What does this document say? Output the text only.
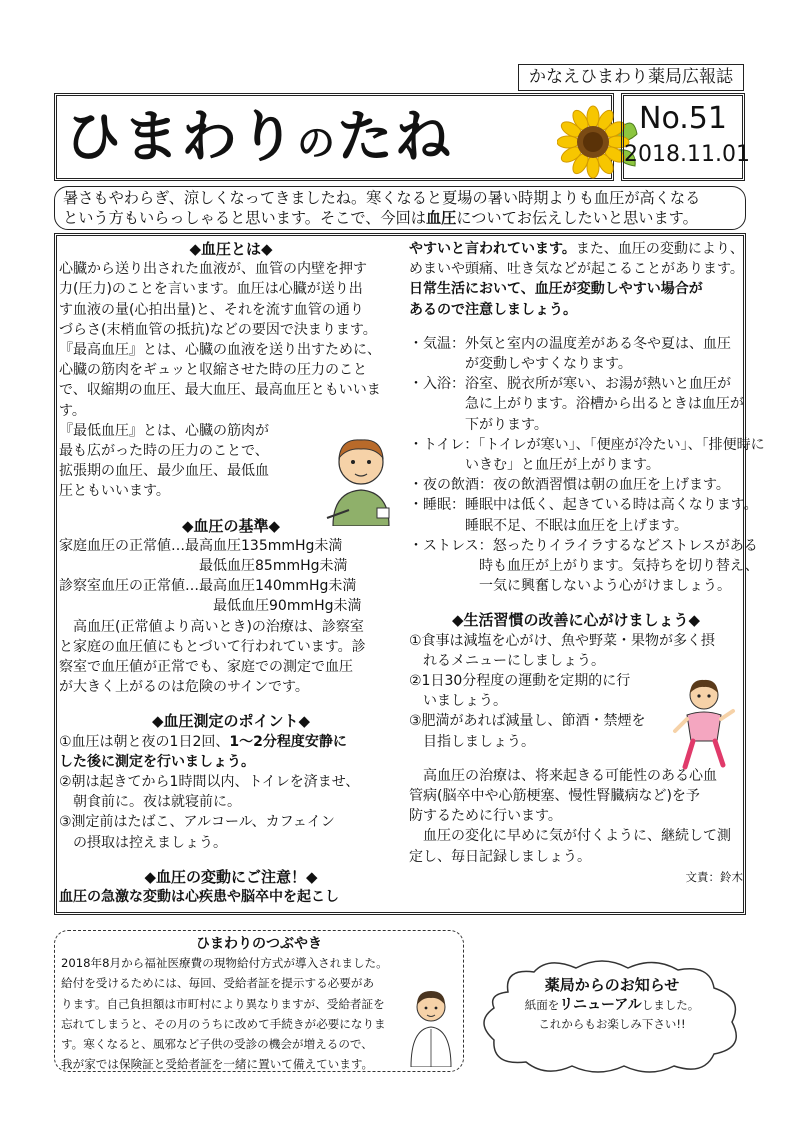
かなえひまわり薬局広報誌
ひまわりのたね	No.51
2018.11.01

暑さもやわらぎ、涼しくなってきましたね。寒くなると夏場の暑い時期よりも血圧が高くなる

という方もいらっしゃると思います。そこで、今回は血圧についてお伝えしたいと思います。

◆血圧とは◆

心臓から送り出された血液が、血管の内壁を押す

力(圧力)のことを言います。血圧は心臓が送り出

す血液の量(心拍出量)と、それを流す血管の通り

づらさ(末梢血管の抵抗)などの要因で決まります。

『最高血圧』とは、心臓の血液を送り出すために、

心臓の筋肉をギュッと収縮させた時の圧力のこと

で、収縮期の血圧、最大血圧、最高血圧ともいいま

す。

『最低血圧』とは、心臓の筋肉が

最も広がった時の圧力のことで、

拡張期の血圧、最少血圧、最低血

圧ともいいます。

◆血圧の基準◆

家庭血圧の正常値…最高血圧135mmHg未満

　　　　　　　　　　最低血圧85mmHg未満

診察室血圧の正常値…最高血圧140mmHg未満

　　　　　　　　　　　最低血圧90mmHg未満

　高血圧(正常値より高いとき)の治療は、診察室

と家庭の血圧値にもとづいて行われています。診

察室で血圧値が正常でも、家庭での測定で血圧

が大きく上がるのは危険のサインです。

◆血圧測定のポイント◆

①血圧は朝と夜の1日2回、1～2分程度安静に

した後に測定を行いましょう。

②朝は起きてから1時間以内、トイレを済ませ、

　朝食前に。夜は就寝前に。

③測定前はたばこ、アルコール、カフェイン

　の摂取は控えましょう。

◆血圧の変動にご注意！◆

血圧の急激な変動は心疾患や脳卒中を起こし

やすいと言われています。また、血圧の変動により、

めまいや頭痛、吐き気などが起こることがあります。

日常生活において、血圧が変動しやすい場合が

あるので注意しましょう。

・気温：外気と室内の温度差がある冬や夏は、血圧

　　　　が変動しやすくなります。

・入浴：浴室、脱衣所が寒い、お湯が熱いと血圧が

　　　　急に上がります。浴槽から出るときは血圧が

　　　　下がります。

・トイレ：「トイレが寒い」、「便座が冷たい」、「排便時に

　　　　いきむ」と血圧が上がります。

・夜の飲酒：夜の飲酒習慣は朝の血圧を上げます。

・睡眠：睡眠中は低く、起きている時は高くなります。

　　　　睡眠不足、不眠は血圧を上げます。

・ストレス：怒ったりイライラするなどストレスがある

　　　　　時も血圧が上がります。気持ちを切り替え、

　　　　　一気に興奮しないよう心がけましょう。

◆生活習慣の改善に心がけましょう◆

①食事は減塩を心がけ、魚や野菜・果物が多く摂

　れるメニューにしましょう。

②1日30分程度の運動を定期的に行

　いましょう。

③肥満があれば減量し、節酒・禁煙を

　目指しましょう。

　高血圧の治療は、将来起きる可能性のある心血

管病(脳卒中や心筋梗塞、慢性腎臓病など)を予

防するために行います。

　血圧の変化に早めに気が付くように、継続して測

定し、毎日記録しましょう。

文責：鈴木

ひまわりのつぶやき

2018年8月から福祉医療費の現物給付方式が導入されました。

給付を受けるためには、毎回、受給者証を提示する必要があ

ります。自己負担額は市町村により異なりますが、受給者証を

忘れてしまうと、その月のうちに改めて手続きが必要になりま

す。寒くなると、風邪など子供の受診の機会が増えるので、

我が家では保険証と受給者証を一緒に置いて備えています。

薬局からのお知らせ

紙面をリニューアルしました。

これからもお楽しみ下さい!!
